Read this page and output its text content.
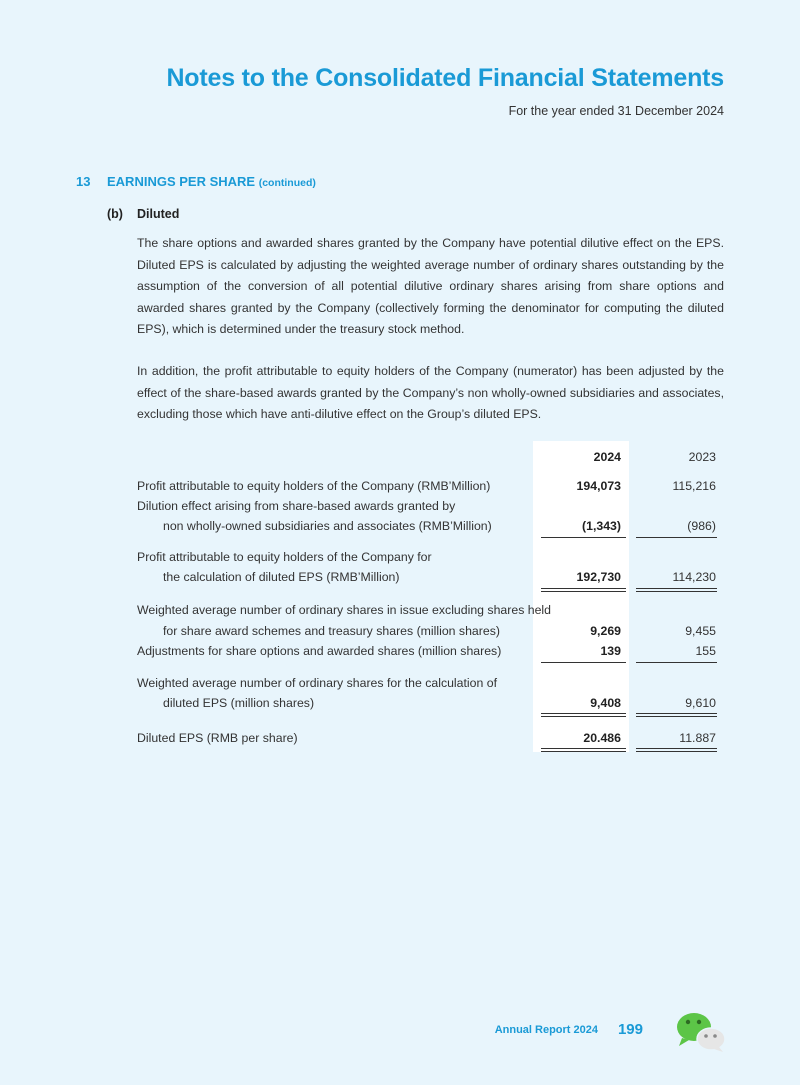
Notes to the Consolidated Financial Statements
For the year ended 31 December 2024
13 EARNINGS PER SHARE (continued)
(b) Diluted

The share options and awarded shares granted by the Company have potential dilutive effect on the EPS. Diluted EPS is calculated by adjusting the weighted average number of ordinary shares outstanding by the assumption of the conversion of all potential dilutive ordinary shares arising from share options and awarded shares granted by the Company (collectively forming the denominator for computing the diluted EPS), which is determined under the treasury stock method.

In addition, the profit attributable to equity holders of the Company (numerator) has been adjusted by the effect of the share-based awards granted by the Company’s non wholly-owned subsidiaries and associates, excluding those which have anti-dilutive effect on the Group’s diluted EPS.

2024	2023
Profit attributable to equity holders of the Company (RMB’Million)	194,073	115,216
Dilution effect arising from share-based awards granted by
non wholly-owned subsidiaries and associates (RMB’Million)	(1,343)	(986)
Profit attributable to equity holders of the Company for
the calculation of diluted EPS (RMB’Million)	192,730	114,230
Weighted average number of ordinary shares in issue excluding shares held
for share award schemes and treasury shares (million shares)	9,269	9,455
Adjustments for share options and awarded shares (million shares)	139	155
Weighted average number of ordinary shares for the calculation of
diluted EPS (million shares)	9,408	9,610
Diluted EPS (RMB per share)	20.486	11.887
Annual Report 2024 199
